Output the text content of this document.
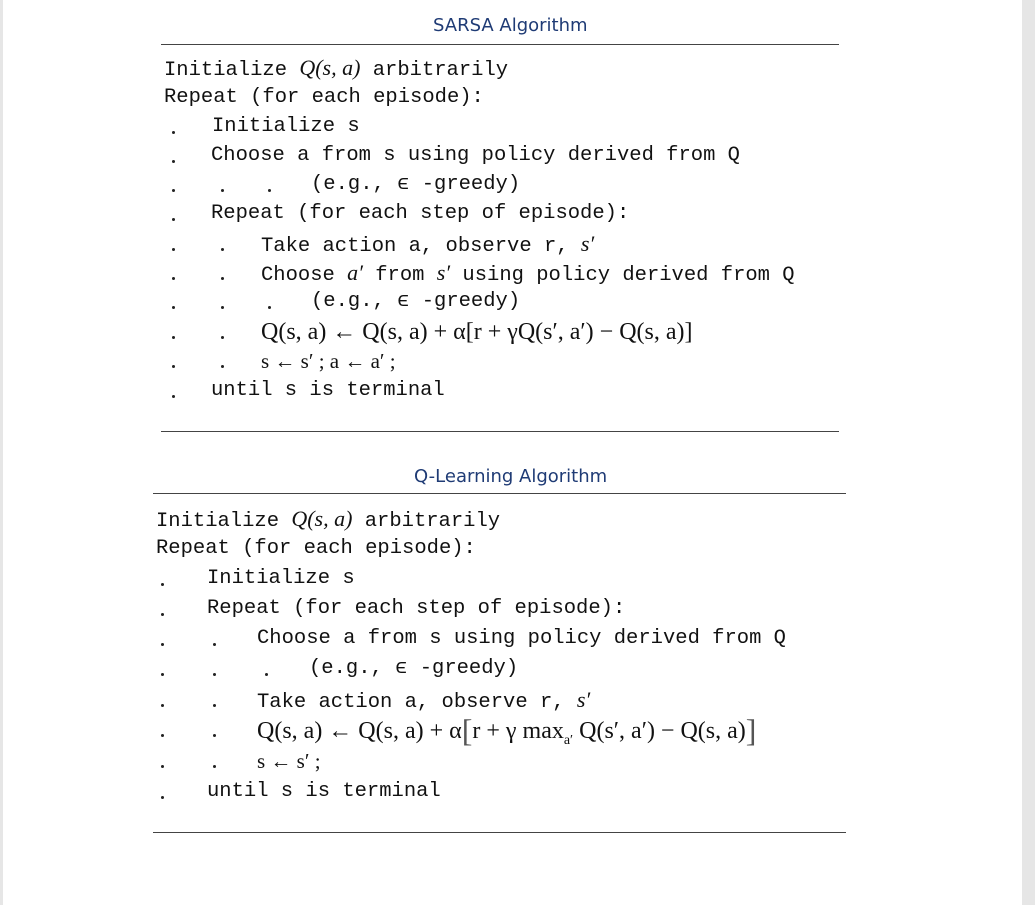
SARSA Algorithm
Initialize Q(s, a) arbitrarily
Repeat (for each episode):
Initialize s
Choose a from s using policy derived from Q
(e.g., ϵ -greedy)
Repeat (for each step of episode):
Take action a, observe r, s′
Choose a′ from s′ using policy derived from Q
(e.g., ϵ -greedy)
Q(s, a) ← Q(s, a) + α[r + γQ(s′, a′) − Q(s, a)]
s ← s′ ; a ← a′ ;
until s is terminal
Q-Learning Algorithm
Initialize Q(s, a) arbitrarily
Repeat (for each episode):
Initialize s
Repeat (for each step of episode):
Choose a from s using policy derived from Q
(e.g., ϵ -greedy)
Take action a, observe r, s′
Q(s, a) ← Q(s, a) + α[r + γ $\max_{a'} Q(s'$, a′) − Q(s, a)]
s ← s′ ;
until s is terminal
